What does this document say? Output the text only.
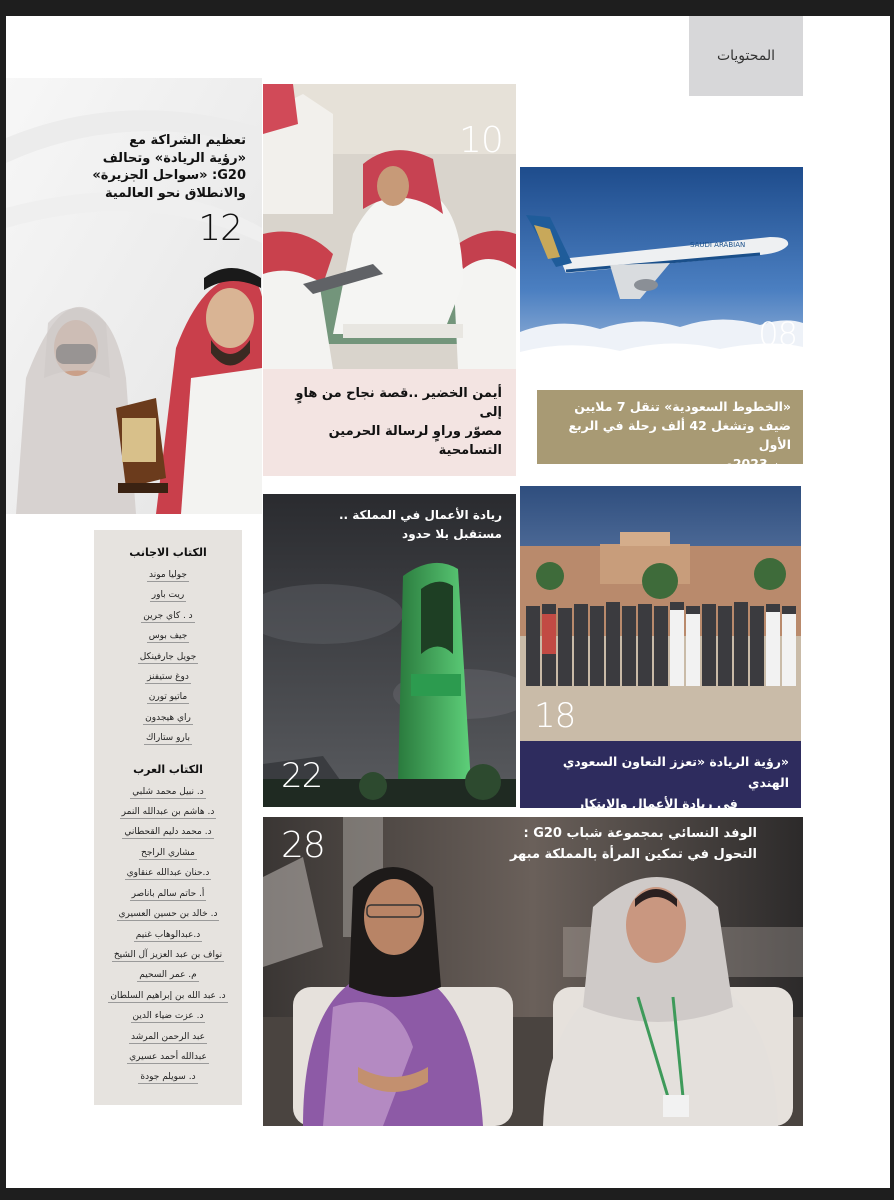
المحتويات
12
تعظيم الشراكة مع
«رؤية الريادة» وتحالف
G20: «سواحل الجزيرة»
والانطلاق نحو العالمية
10
أيمن الخضير ..قصة نجاح من هاوٍ إلى
مصوّر وراوٍ لرسالة الحرمين التسامحية
SAUDI ARABIAN
08
«الخطوط السعودية» تنقل 7 ملايين
ضيف وتشغل 42 ألف رحلة في الربع الأول
من 2023م
ريادة الأعمال في المملكة ..
مستقبل بلا حدود
22
18
«رؤية الريادة «تعزز التعاون السعودي الهندي
في ريادة الأعمال والابتكار
الكتاب الاجانب
جوليا موند
ريت باور
د . كاي جرين
جيف بوس
جويل جارفينكل
دوغ ستيفنز
ماتيو تورن
راي هيجدون
بارو ستاراك
الكتاب العرب
د. نبيل محمد شلبي
د. هاشم بن عبدالله النمر
د. محمد دليم القحطاني
مشاري الراجح
د.حنان عبدالله عنقاوي
أ. حاتم سالم باناصر
د. خالد بن حسين العسيري
د.عبدالوهاب غنيم
نواف بن عبد العزيز آل الشيخ
م. عمر السحيم
د. عبد الله بن إبراهيم السلطان
د. عزت ضياء الدين
عبد الرحمن المرشد
عبدالله أحمد عسيري
د. سويلم جودة
28	الوفد النسائي بمجموعة شباب G20 :
التحول في تمكين المرأة بالمملكة مبهر
